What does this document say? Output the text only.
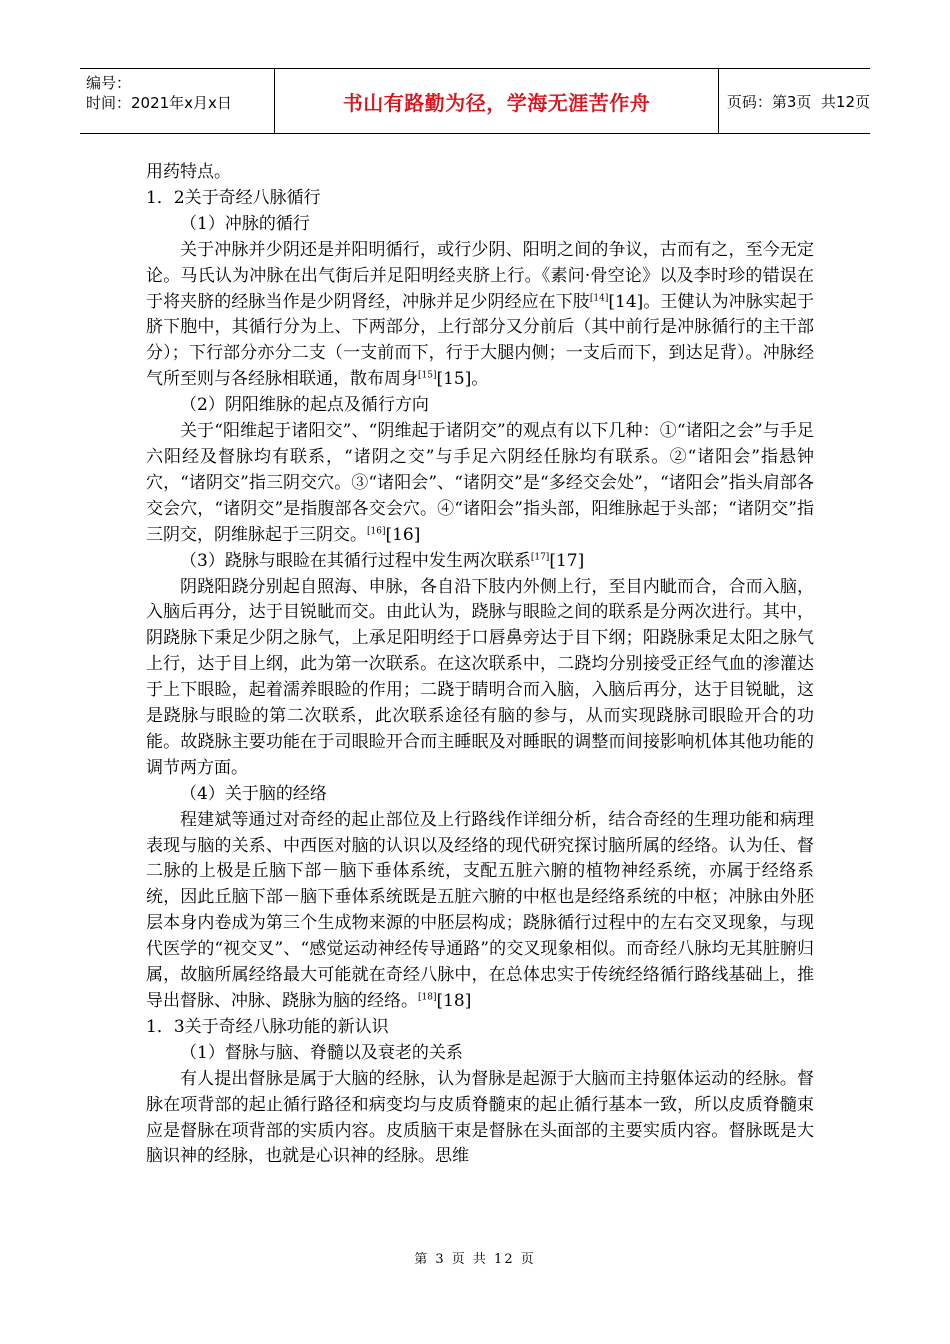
编号：
时间：2021年x月x日	书山有路勤为径，学海无涯苦作舟	页码：第3页  共12页

用药特点。

1．2关于奇经八脉循行

（1）冲脉的循行

关于冲脉并少阴还是并阳明循行，或行少阴、阳明之间的争议，古而有之，至今无定论。马氏认为冲脉在出气街后并足阳明经夹脐上行。《素问·骨空论》以及李时珍的错误在于将夹脐的经脉当作是少阴肾经，冲脉并足少阴经应在下肢[14][14]。王健认为冲脉实起于脐下胞中，其循行分为上、下两部分，上行部分又分前后（其中前行是冲脉循行的主干部分）；下行部分亦分二支（一支前而下，行于大腿内侧；一支后而下，到达足背）。冲脉经气所至则与各经脉相联通，散布周身[15][15]。

（2）阴阳维脉的起点及循行方向

关于“阳维起于诸阳交”、“阴维起于诸阴交”的观点有以下几种：①“诸阳之会”与手足六阳经及督脉均有联系，“诸阴之交”与手足六阴经任脉均有联系。②“诸阳会”指悬钟穴，“诸阴交”指三阴交穴。③“诸阳会”、“诸阴交”是“多经交会处”，“诸阳会”指头肩部各交会穴，“诸阴交”是指腹部各交会穴。④“诸阳会”指头部，阳维脉起于头部；“诸阴交”指三阴交，阴维脉起于三阴交。[16][16]

（3）跷脉与眼睑在其循行过程中发生两次联系[17][17]

阴跷阳跷分别起自照海、申脉，各自沿下肢内外侧上行，至目内眦而合，合而入脑，入脑后再分，达于目锐眦而交。由此认为，跷脉与眼睑之间的联系是分两次进行。其中，阴跷脉下秉足少阴之脉气，上承足阳明经于口唇鼻旁达于目下纲；阳跷脉秉足太阳之脉气上行，达于目上纲，此为第一次联系。在这次联系中，二跷均分别接受正经气血的渗灌达于上下眼睑，起着濡养眼睑的作用；二跷于睛明合而入脑，入脑后再分，达于目锐眦，这是跷脉与眼睑的第二次联系，此次联系途径有脑的参与，从而实现跷脉司眼睑开合的功能。故跷脉主要功能在于司眼睑开合而主睡眠及对睡眠的调整而间接影响机体其他功能的调节两方面。

（4）关于脑的经络

程建斌等通过对奇经的起止部位及上行路线作详细分析，结合奇经的生理功能和病理表现与脑的关系、中西医对脑的认识以及经络的现代研究探讨脑所属的经络。认为任、督二脉的上极是丘脑下部－脑下垂体系统，支配五脏六腑的植物神经系统，亦属于经络系统，因此丘脑下部－脑下垂体系统既是五脏六腑的中枢也是经络系统的中枢；冲脉由外胚层本身内卷成为第三个生成物来源的中胚层构成；跷脉循行过程中的左右交叉现象，与现代医学的“视交叉”、“感觉运动神经传导通路”的交叉现象相似。而奇经八脉均无其脏腑归属，故脑所属经络最大可能就在奇经八脉中，在总体忠实于传统经络循行路线基础上，推导出督脉、冲脉、跷脉为脑的经络。[18][18]

1．3关于奇经八脉功能的新认识

（1）督脉与脑、脊髓以及衰老的关系

有人提出督脉是属于大脑的经脉，认为督脉是起源于大脑而主持躯体运动的经脉。督脉在项背部的起止循行路径和病变均与皮质脊髓束的起止循行基本一致，所以皮质脊髓束应是督脉在项背部的实质内容。皮质脑干束是督脉在头面部的主要实质内容。督脉既是大脑识神的经脉，也就是心识神的经脉。思维

第 3 页 共 12 页
